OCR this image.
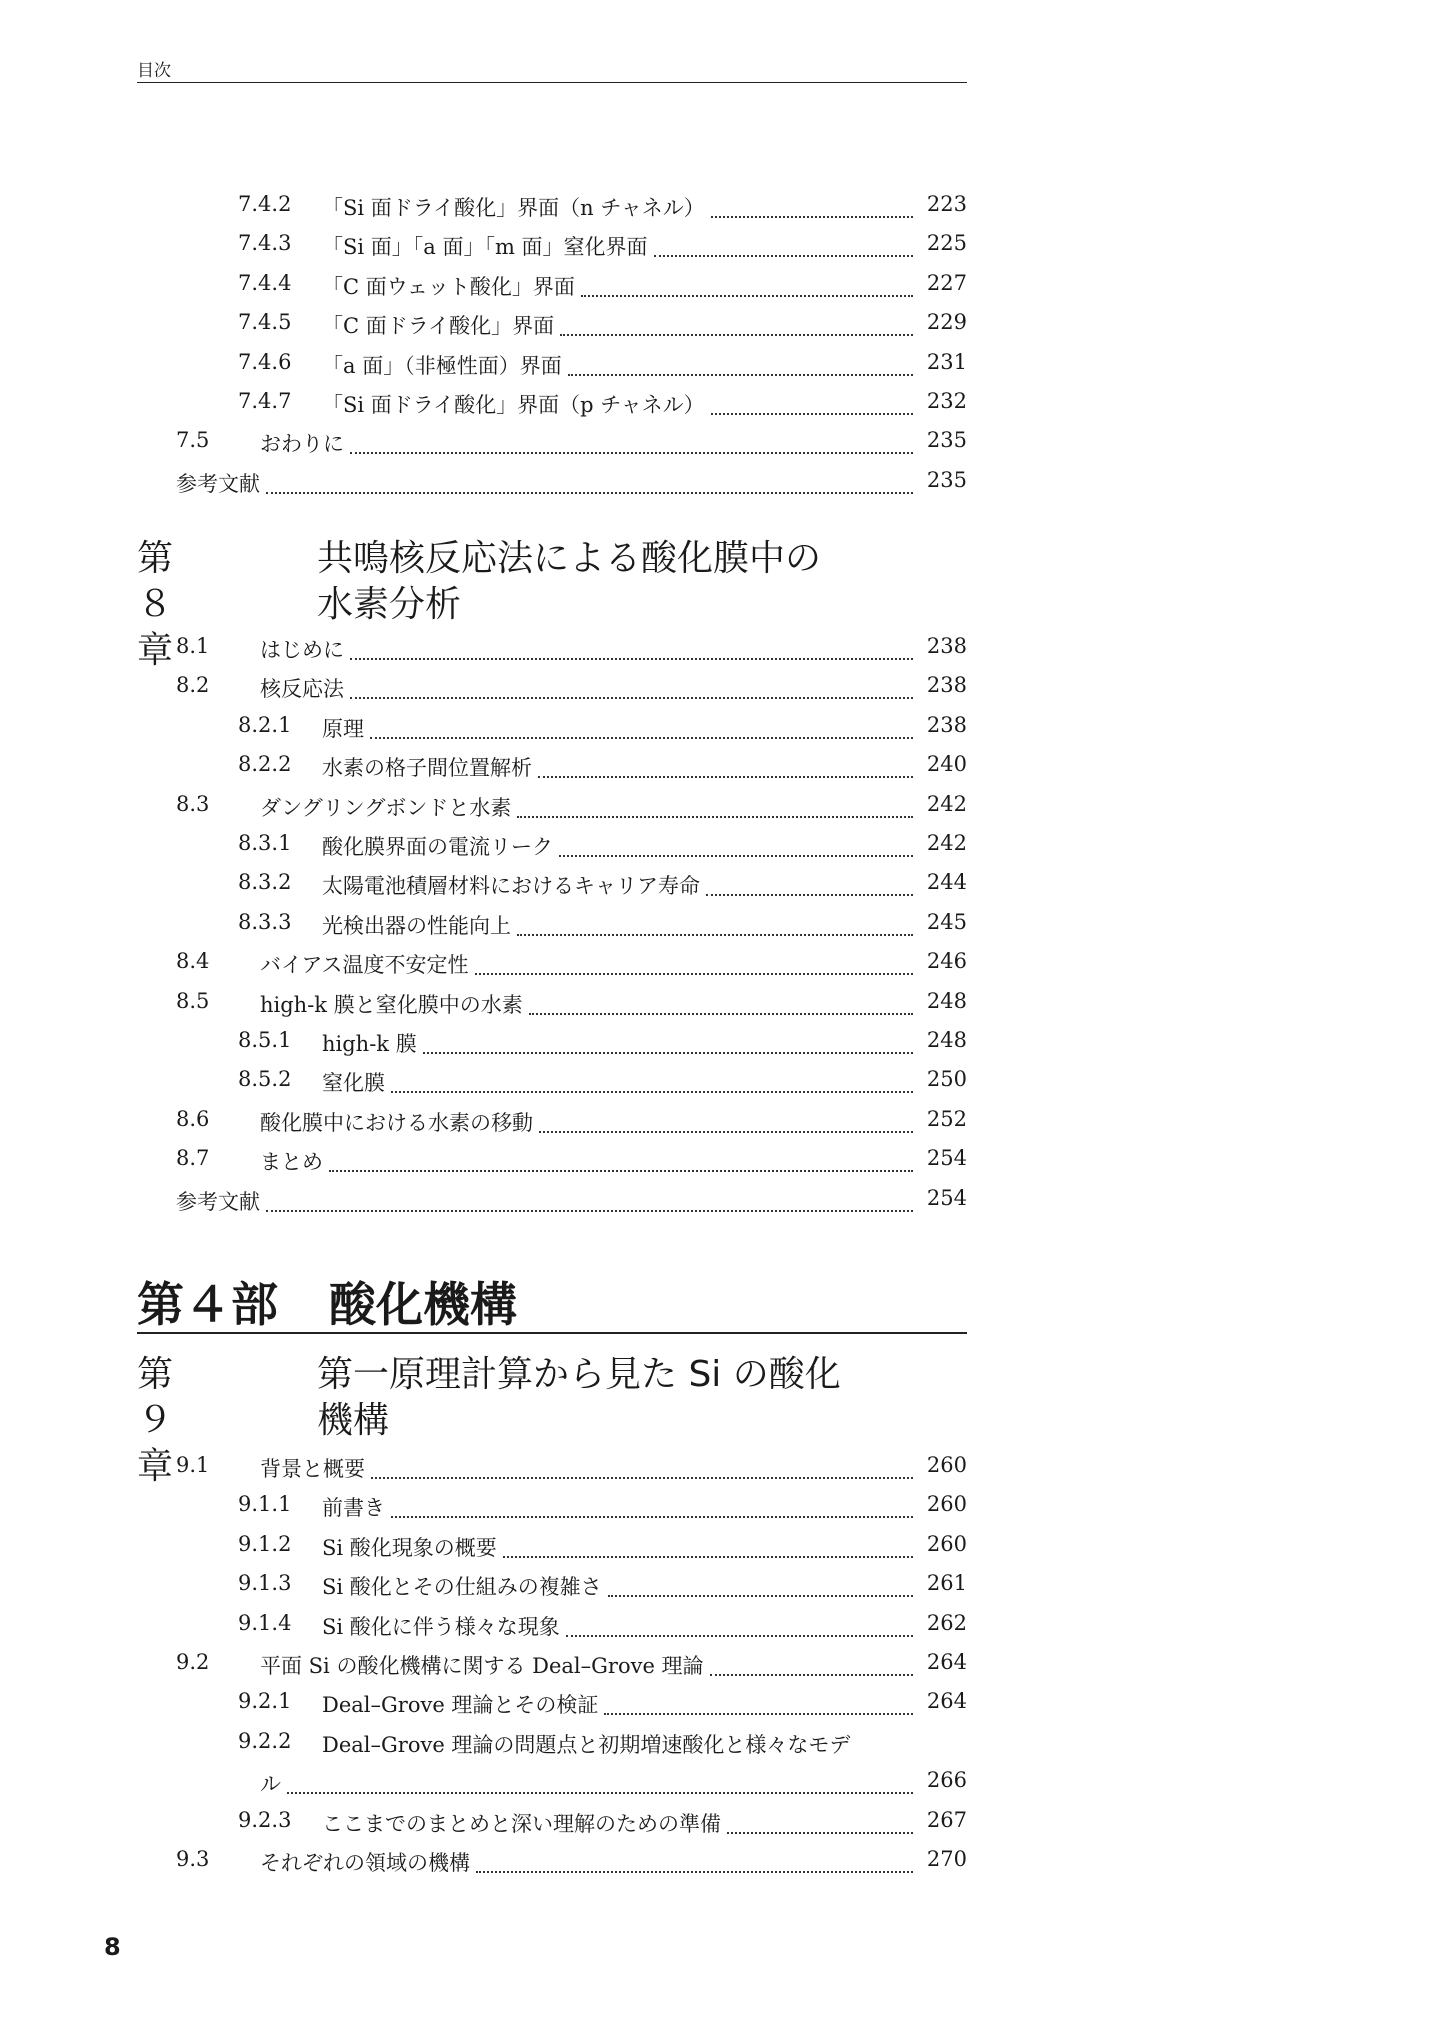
目次
7.4.2 「Si 面ドライ酸化」界面（n チャネル）	223
7.4.3 「Si 面」「a 面」「m 面」窒化界面	225
7.4.4 「C 面ウェット酸化」界面	227
7.4.5 「C 面ドライ酸化」界面	229
7.4.6 「a 面」（非極性面）界面	231
7.4.7 「Si 面ドライ酸化」界面（p チャネル）	232
7.5 おわりに	235
参考文献	235
第８章
共鳴核反応法による酸化膜中の
水素分析
8.1 はじめに	238
8.2 核反応法	238
8.2.1 原理	238
8.2.2 水素の格子間位置解析	240
8.3 ダングリングボンドと水素	242
8.3.1 酸化膜界面の電流リーク	242
8.3.2 太陽電池積層材料におけるキャリア寿命	244
8.3.3 光検出器の性能向上	245
8.4 バイアス温度不安定性	246
8.5 high-k 膜と窒化膜中の水素	248
8.5.1 high-k 膜	248
8.5.2 窒化膜	250
8.6 酸化膜中における水素の移動	252
8.7 まとめ	254
参考文献	254
第４部 酸化機構
第９章
第一原理計算から見た Si の酸化
機構
9.1 背景と概要	260
9.1.1 前書き	260
9.1.2 Si 酸化現象の概要	260
9.1.3 Si 酸化とその仕組みの複雑さ	261
9.1.4 Si 酸化に伴う様々な現象	262
9.2 平面 Si の酸化機構に関する Deal–Grove 理論	264
9.2.1 Deal–Grove 理論とその検証	264
9.2.2 Deal–Grove 理論の問題点と初期増速酸化と様々なモデ
ル	266
9.2.3 ここまでのまとめと深い理解のための準備	267
9.3 それぞれの領域の機構	270
8
